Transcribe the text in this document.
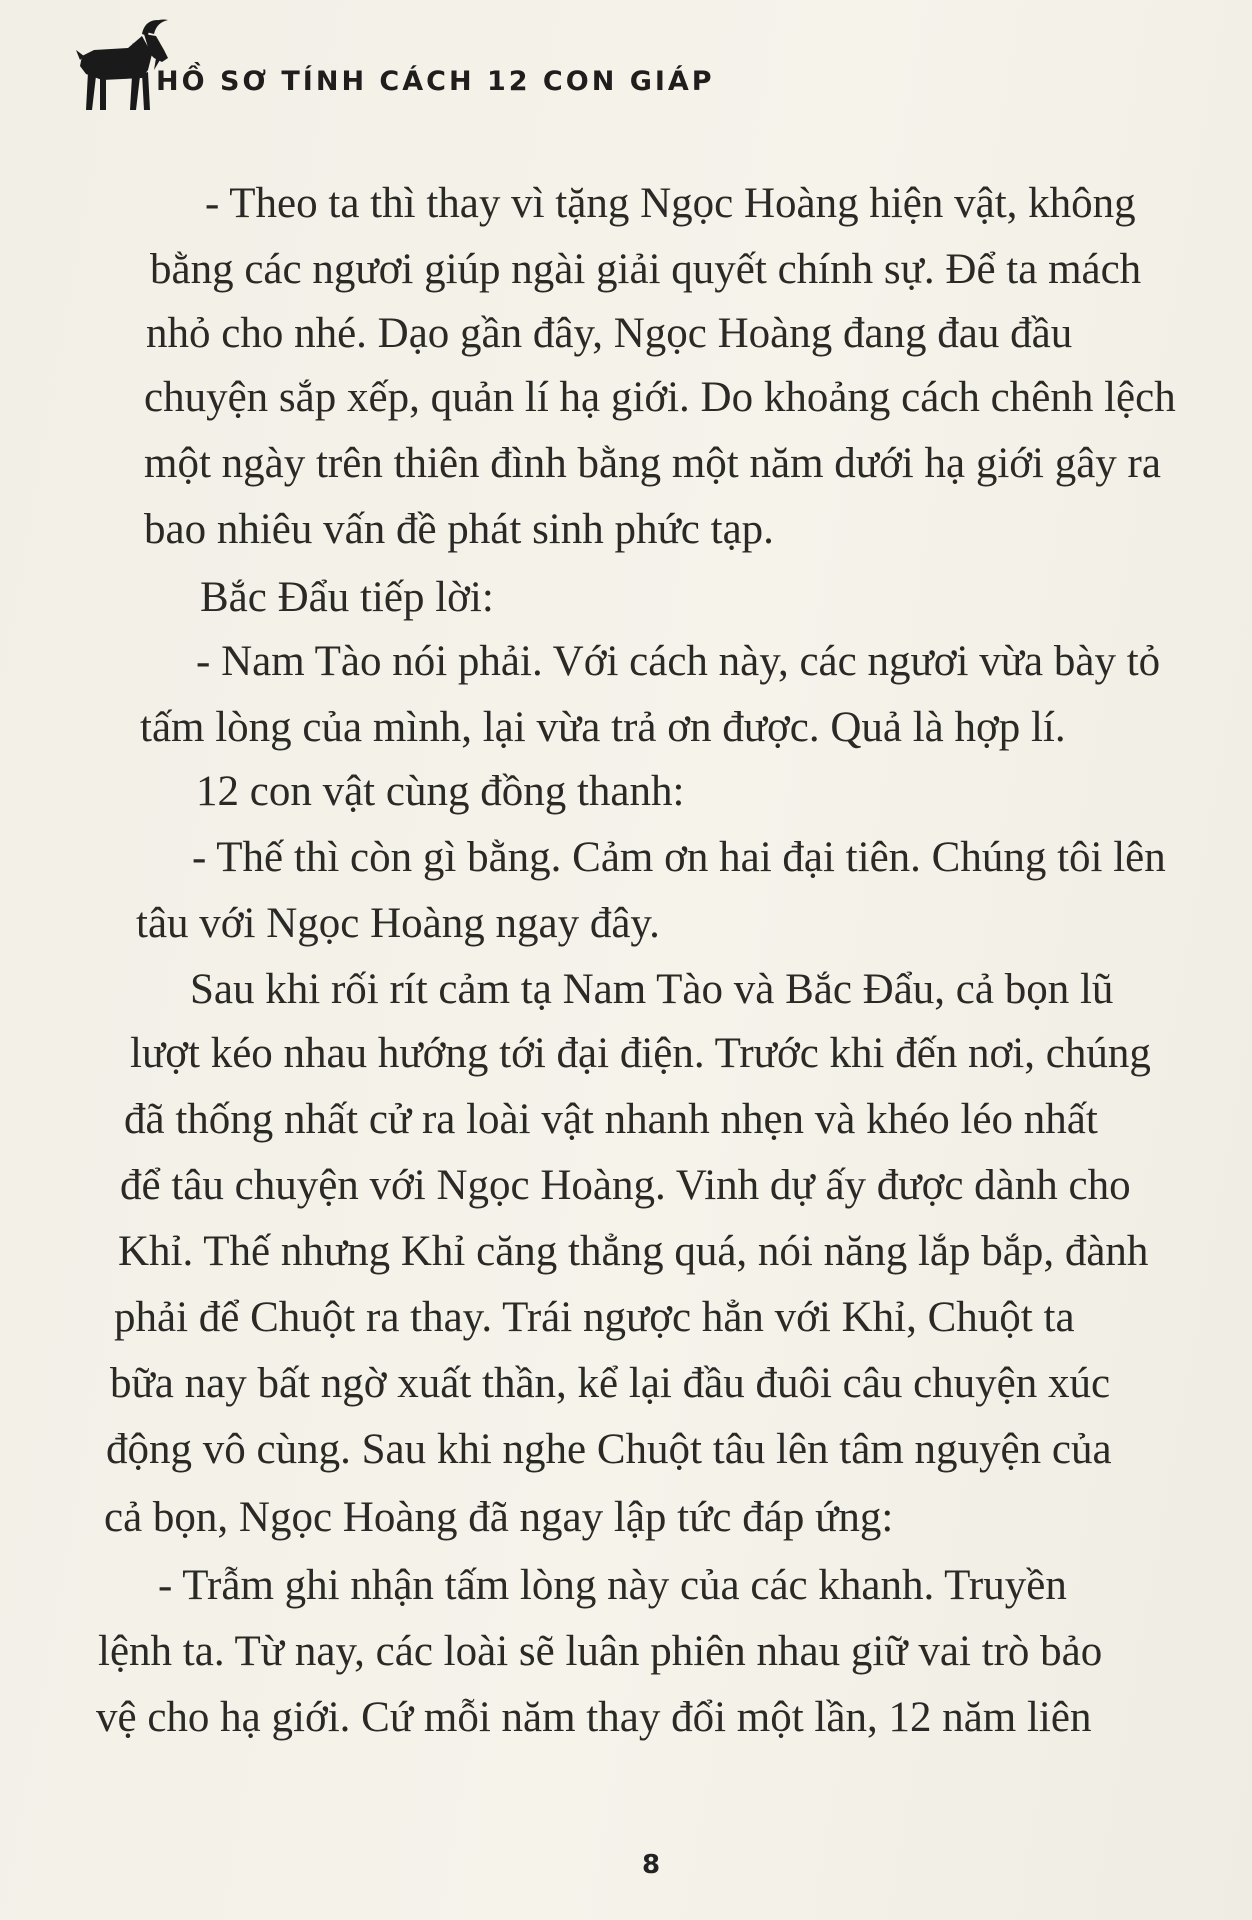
HỒ SƠ TÍNH CÁCH 12 CON GIÁP
- Theo ta thì thay vì tặng Ngọc Hoàng hiện vật, không
bằng các ngươi giúp ngài giải quyết chính sự. Để ta mách
nhỏ cho nhé. Dạo gần đây, Ngọc Hoàng đang đau đầu
chuyện sắp xếp, quản lí hạ giới. Do khoảng cách chênh lệch
một ngày trên thiên đình bằng một năm dưới hạ giới gây ra
bao nhiêu vấn đề phát sinh phức tạp.
Bắc Đẩu tiếp lời:
- Nam Tào nói phải. Với cách này, các ngươi vừa bày tỏ
tấm lòng của mình, lại vừa trả ơn được. Quả là hợp lí.
12 con vật cùng đồng thanh:
- Thế thì còn gì bằng. Cảm ơn hai đại tiên. Chúng tôi lên
tâu với Ngọc Hoàng ngay đây.
Sau khi rối rít cảm tạ Nam Tào và Bắc Đẩu, cả bọn lũ
lượt kéo nhau hướng tới đại điện. Trước khi đến nơi, chúng
đã thống nhất cử ra loài vật nhanh nhẹn và khéo léo nhất
để tâu chuyện với Ngọc Hoàng. Vinh dự ấy được dành cho
Khỉ. Thế nhưng Khỉ căng thẳng quá, nói năng lắp bắp, đành
phải để Chuột ra thay. Trái ngược hẳn với Khỉ, Chuột ta
bữa nay bất ngờ xuất thần, kể lại đầu đuôi câu chuyện xúc
động vô cùng. Sau khi nghe Chuột tâu lên tâm nguyện của
cả bọn, Ngọc Hoàng đã ngay lập tức đáp ứng:
- Trẫm ghi nhận tấm lòng này của các khanh. Truyền
lệnh ta. Từ nay, các loài sẽ luân phiên nhau giữ vai trò bảo
vệ cho hạ giới. Cứ mỗi năm thay đổi một lần, 12 năm liên
8
